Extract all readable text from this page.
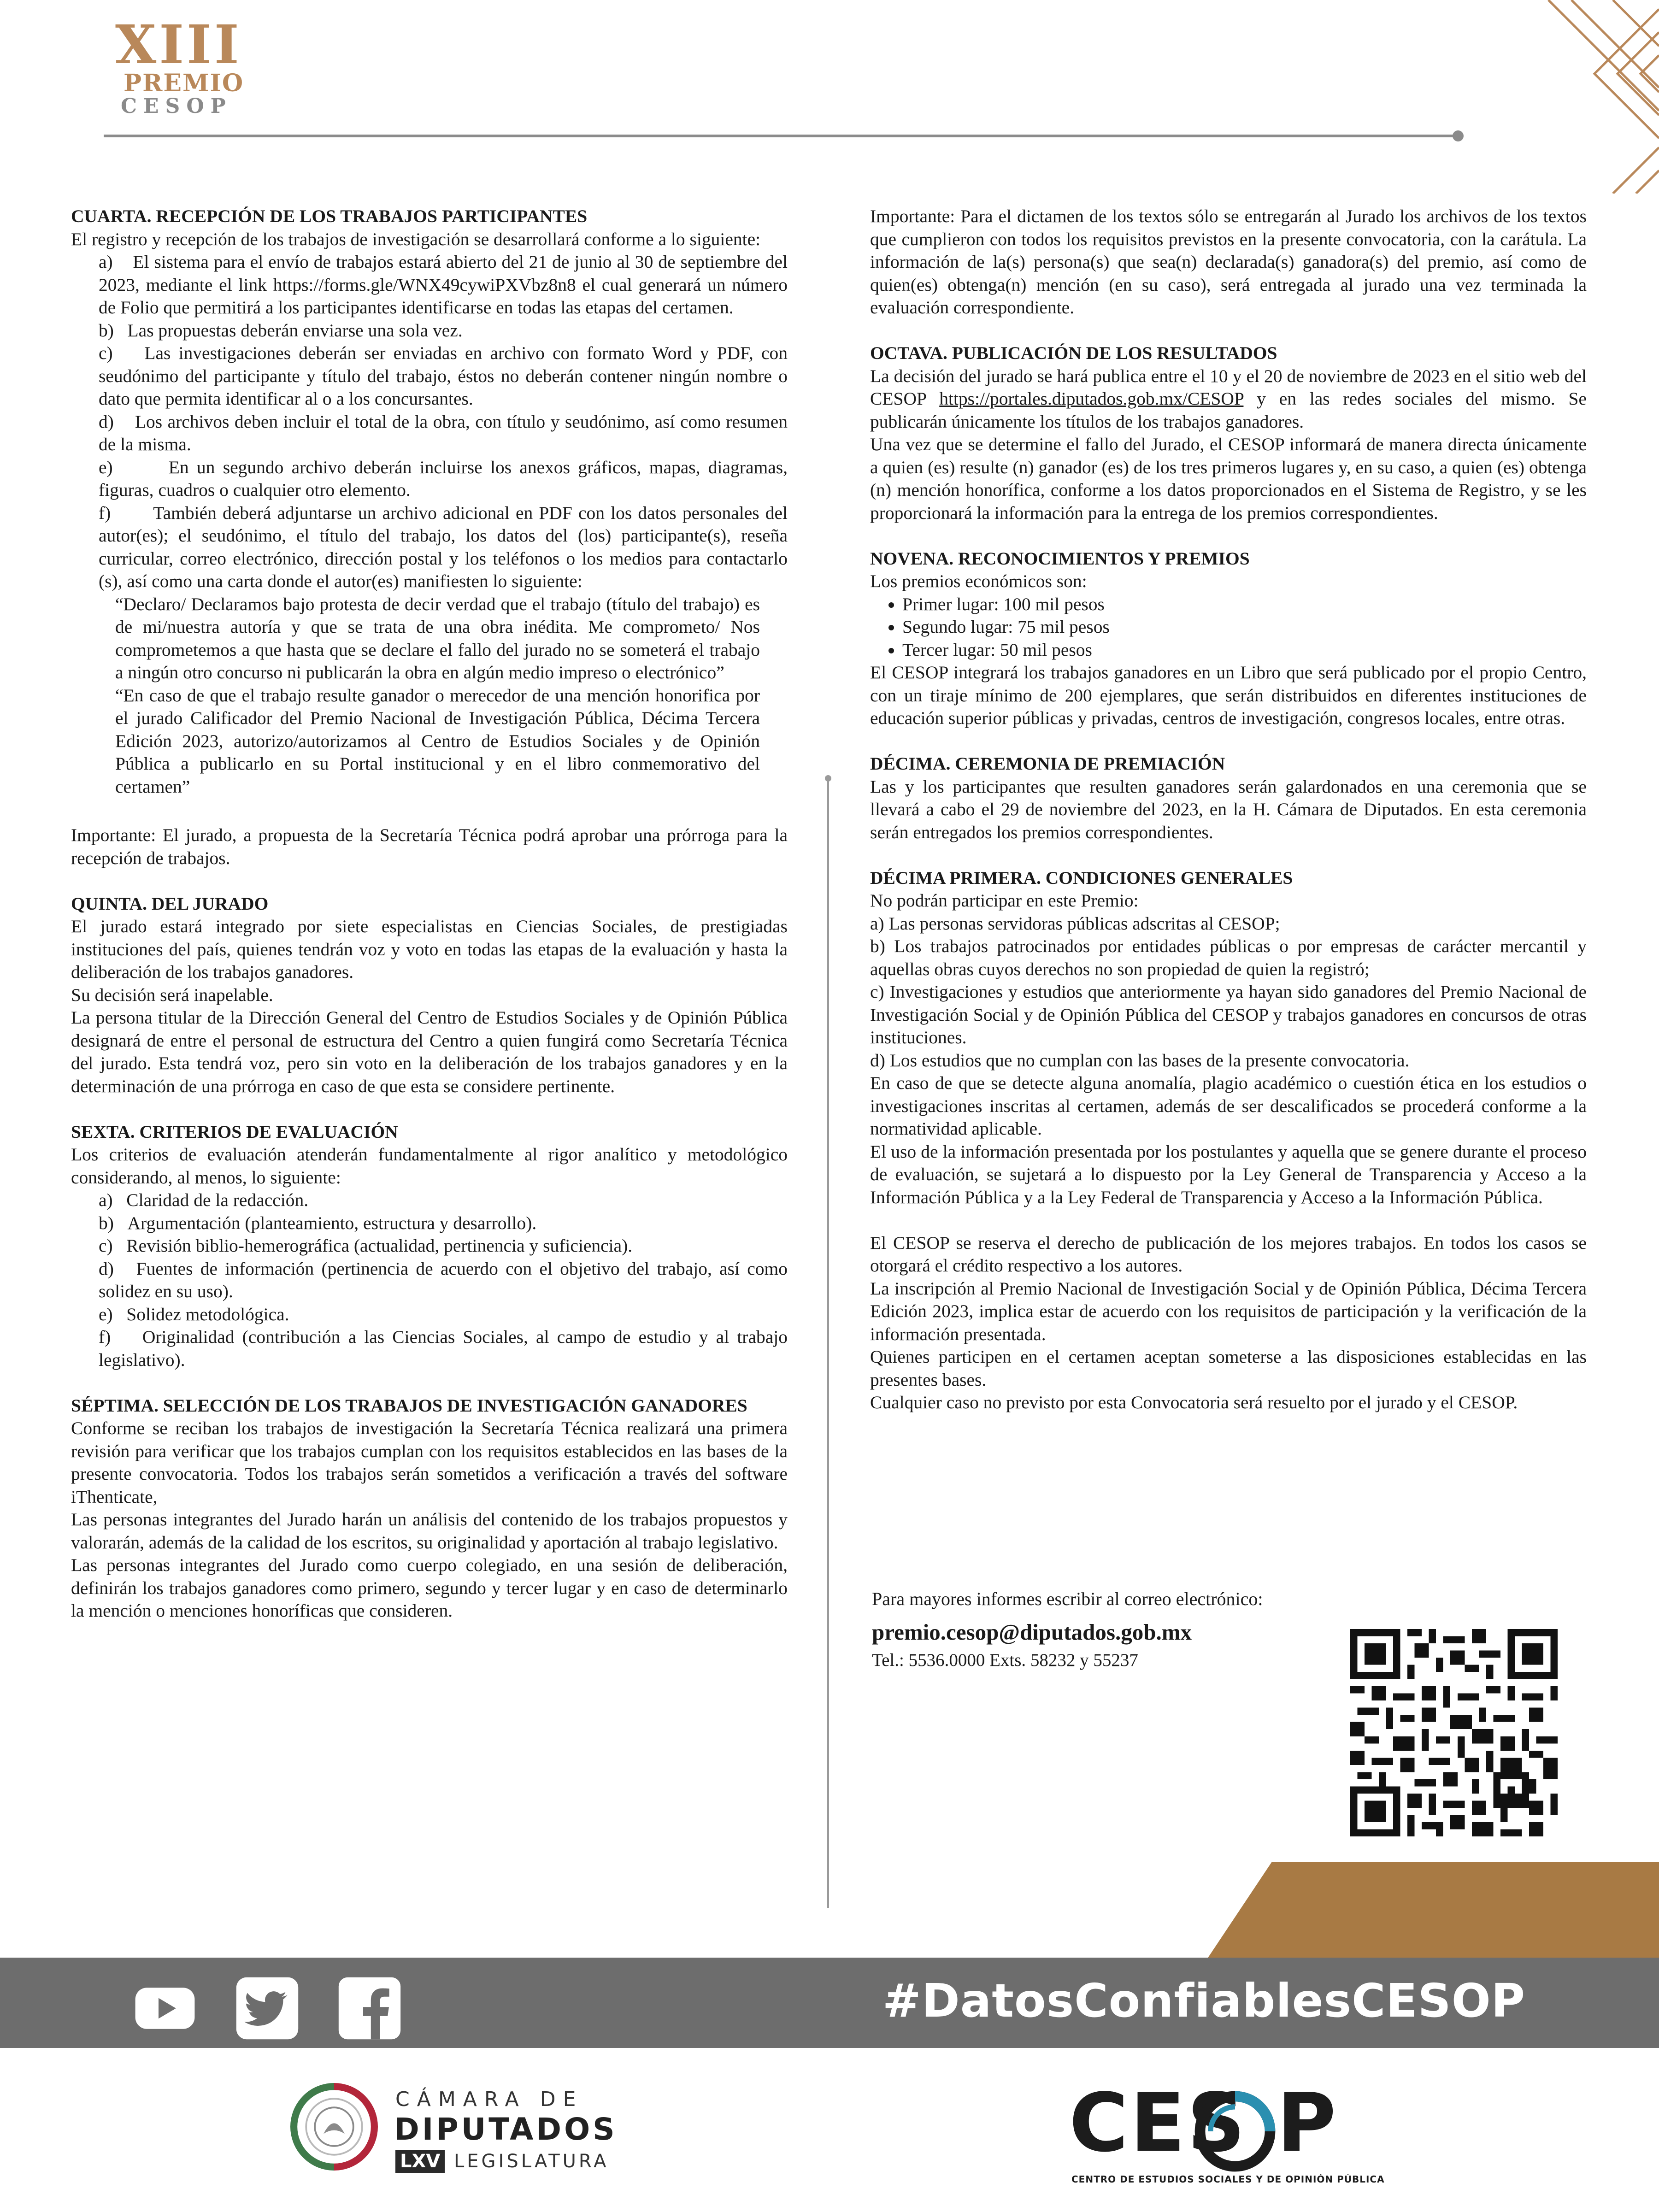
XIII
PREMIO
CESOP
CUARTA. RECEPCIÓN DE LOS TRABAJOS PARTICIPANTES

El registro y recepción de los trabajos de investigación se desarrollará conforme a lo siguiente:

a)    El sistema para el envío de trabajos estará abierto del 21 de junio al 30 de septiembre del 2023, mediante el link https://forms.gle/WNX49cywiPXVbz8n8 el cual generará un número de Folio que permitirá a los participantes identificarse en todas las etapas del certamen.

b)   Las propuestas deberán enviarse una sola vez.

c)    Las investigaciones deberán ser enviadas en archivo con formato Word y PDF, con seudónimo del participante y título del trabajo, éstos no deberán contener ningún nombre o dato que permita identificar al o a los concursantes.

d)    Los archivos deben incluir el total de la obra, con título y seudónimo, así como resumen de la misma.

e)       En un segundo archivo deberán incluirse los anexos gráficos, mapas, diagramas, figuras, cuadros o cualquier otro elemento.

f)       También deberá adjuntarse un archivo adicional en PDF con los datos personales del autor(es); el seudónimo, el título del trabajo, los datos del (los) participante(s), reseña curricular, correo electrónico, dirección postal y los teléfonos o los medios para contactarlo (s), así como una carta donde el autor(es) manifiesten lo siguiente:

“Declaro/ Declaramos bajo protesta de decir verdad que el trabajo (título del trabajo) es de mi/nuestra autoría y que se trata de una obra inédita. Me comprometo/ Nos comprometemos a que hasta que se declare el fallo del jurado no se someterá el trabajo a ningún otro concurso ni publicarán la obra en algún medio impreso o electrónico”

“En caso de que el trabajo resulte ganador o merecedor de una mención honorifica por el jurado Calificador del Premio Nacional de Investigación Pública, Décima Tercera Edición 2023, autorizo/autorizamos al Centro de Estudios Sociales y de Opinión Pública a publicarlo en su Portal institucional y en el libro conmemorativo del certamen”

Importante: El jurado, a propuesta de la Secretaría Técnica podrá aprobar una prórroga para la recepción de trabajos.

QUINTA. DEL JURADO

El jurado estará integrado por siete especialistas en Ciencias Sociales, de prestigiadas instituciones del país, quienes tendrán voz y voto en todas las etapas de la evaluación y hasta la deliberación de los trabajos ganadores.

Su decisión será inapelable.

La persona titular de la Dirección General del Centro de Estudios Sociales y de Opinión Pública designará de entre el personal de estructura del Centro a quien fungirá como Secretaría Técnica del jurado. Esta tendrá voz, pero sin voto en la deliberación de los trabajos ganadores y en la determinación de una prórroga en caso de que esta se considere pertinente.

SEXTA. CRITERIOS DE EVALUACIÓN

Los criterios de evaluación atenderán fundamentalmente al rigor analítico y metodológico considerando, al menos, lo siguiente:

a)   Claridad de la redacción.

b)   Argumentación (planteamiento, estructura y desarrollo).

c)   Revisión biblio-hemerográfica (actualidad, pertinencia y suficiencia).

d)   Fuentes de información (pertinencia de acuerdo con el objetivo del trabajo, así como solidez en su uso).

e)   Solidez metodológica.

f)    Originalidad (contribución a las Ciencias Sociales, al campo de estudio y al trabajo legislativo).

SÉPTIMA. SELECCIÓN DE LOS TRABAJOS DE INVESTIGACIÓN GANADORES

Conforme se reciban los trabajos de investigación la Secretaría Técnica realizará una primera revisión para verificar que los trabajos cumplan con los requisitos establecidos en las bases de la presente convocatoria. Todos los trabajos serán sometidos a verificación a través del software iThenticate,

Las personas integrantes del Jurado harán un análisis del contenido de los trabajos propuestos y valorarán, además de la calidad de los escritos, su originalidad y aportación al trabajo legislativo.

Las personas integrantes del Jurado como cuerpo colegiado, en una sesión de deliberación, definirán los trabajos ganadores como primero, segundo y tercer lugar y en caso de determinarlo la mención o menciones honoríficas que consideren.

Importante: Para el dictamen de los textos sólo se entregarán al Jurado los archivos de los textos que cumplieron con todos los requisitos previstos en la presente convocatoria, con la carátula. La información de la(s) persona(s) que sea(n) declarada(s) ganadora(s) del premio, así como de quien(es) obtenga(n) mención (en su caso), será entregada al jurado una vez terminada la evaluación correspondiente.

OCTAVA. PUBLICACIÓN DE LOS RESULTADOS

La decisión del jurado se hará publica entre el 10 y el 20 de noviembre de 2023 en el sitio web del CESOP https://portales.diputados.gob.mx/CESOP y en las redes sociales del mismo. Se publicarán únicamente los títulos de los trabajos ganadores.

Una vez que se determine el fallo del Jurado, el CESOP informará de manera directa únicamente a quien (es) resulte (n) ganador (es) de los tres primeros lugares y, en su caso, a quien (es) obtenga (n) mención honorífica, conforme a los datos proporcionados en el Sistema de Registro, y se les proporcionará la información para la entrega de los premios correspondientes.

NOVENA. RECONOCIMIENTOS Y PREMIOS

Los premios económicos son:

• Primer lugar: 100 mil pesos
• Segundo lugar: 75 mil pesos
• Tercer lugar: 50 mil pesos

El CESOP integrará los trabajos ganadores en un Libro que será publicado por el propio Centro, con un tiraje mínimo de 200 ejemplares, que serán distribuidos en diferentes instituciones de educación superior públicas y privadas, centros de investigación, congresos locales, entre otras.

DÉCIMA. CEREMONIA DE PREMIACIÓN

Las y los participantes que resulten ganadores serán galardonados en una ceremonia que se llevará a cabo el 29 de noviembre del 2023, en la H. Cámara de Diputados. En esta ceremonia serán entregados los premios correspondientes.

DÉCIMA PRIMERA. CONDICIONES GENERALES

No podrán participar en este Premio:

a) Las personas servidoras públicas adscritas al CESOP;

b) Los trabajos patrocinados por entidades públicas o por empresas de carácter mercantil y aquellas obras cuyos derechos no son propiedad de quien la registró;

c) Investigaciones y estudios que anteriormente ya hayan sido ganadores del Premio Nacional de Investigación Social y de Opinión Pública del CESOP y trabajos ganadores en concursos de otras instituciones.

d) Los estudios que no cumplan con las bases de la presente convocatoria.

En caso de que se detecte alguna anomalía, plagio académico o cuestión ética en los estudios o investigaciones inscritas al certamen, además de ser descalificados se procederá conforme a la normatividad aplicable.

El uso de la información presentada por los postulantes y aquella que se genere durante el proceso de evaluación, se sujetará a lo dispuesto por la Ley General de Transparencia y Acceso a la Información Pública y a la Ley Federal de Transparencia y Acceso a la Información Pública.

El CESOP se reserva el derecho de publicación de los mejores trabajos. En todos los casos se otorgará el crédito respectivo a los autores.

La inscripción al Premio Nacional de Investigación Social y de Opinión Pública, Décima Tercera Edición 2023, implica estar de acuerdo con los requisitos de participación y la verificación de la información presentada.

Quienes participen en el certamen aceptan someterse a las disposiciones establecidas en las presentes bases.

Cualquier caso no previsto por esta Convocatoria será resuelto por el jurado y el CESOP.

Para mayores informes escribir al correo electrónico:
premio.cesop@diputados.gob.mx
Tel.: 5536.0000 Exts. 58232 y 55237
#DatosConfiablesCESOP
CÁMARA DE
DIPUTADOS
LXV LEGISLATURA	CES P
CENTRO DE ESTUDIOS SOCIALES Y DE OPINIÓN PÚBLICA
